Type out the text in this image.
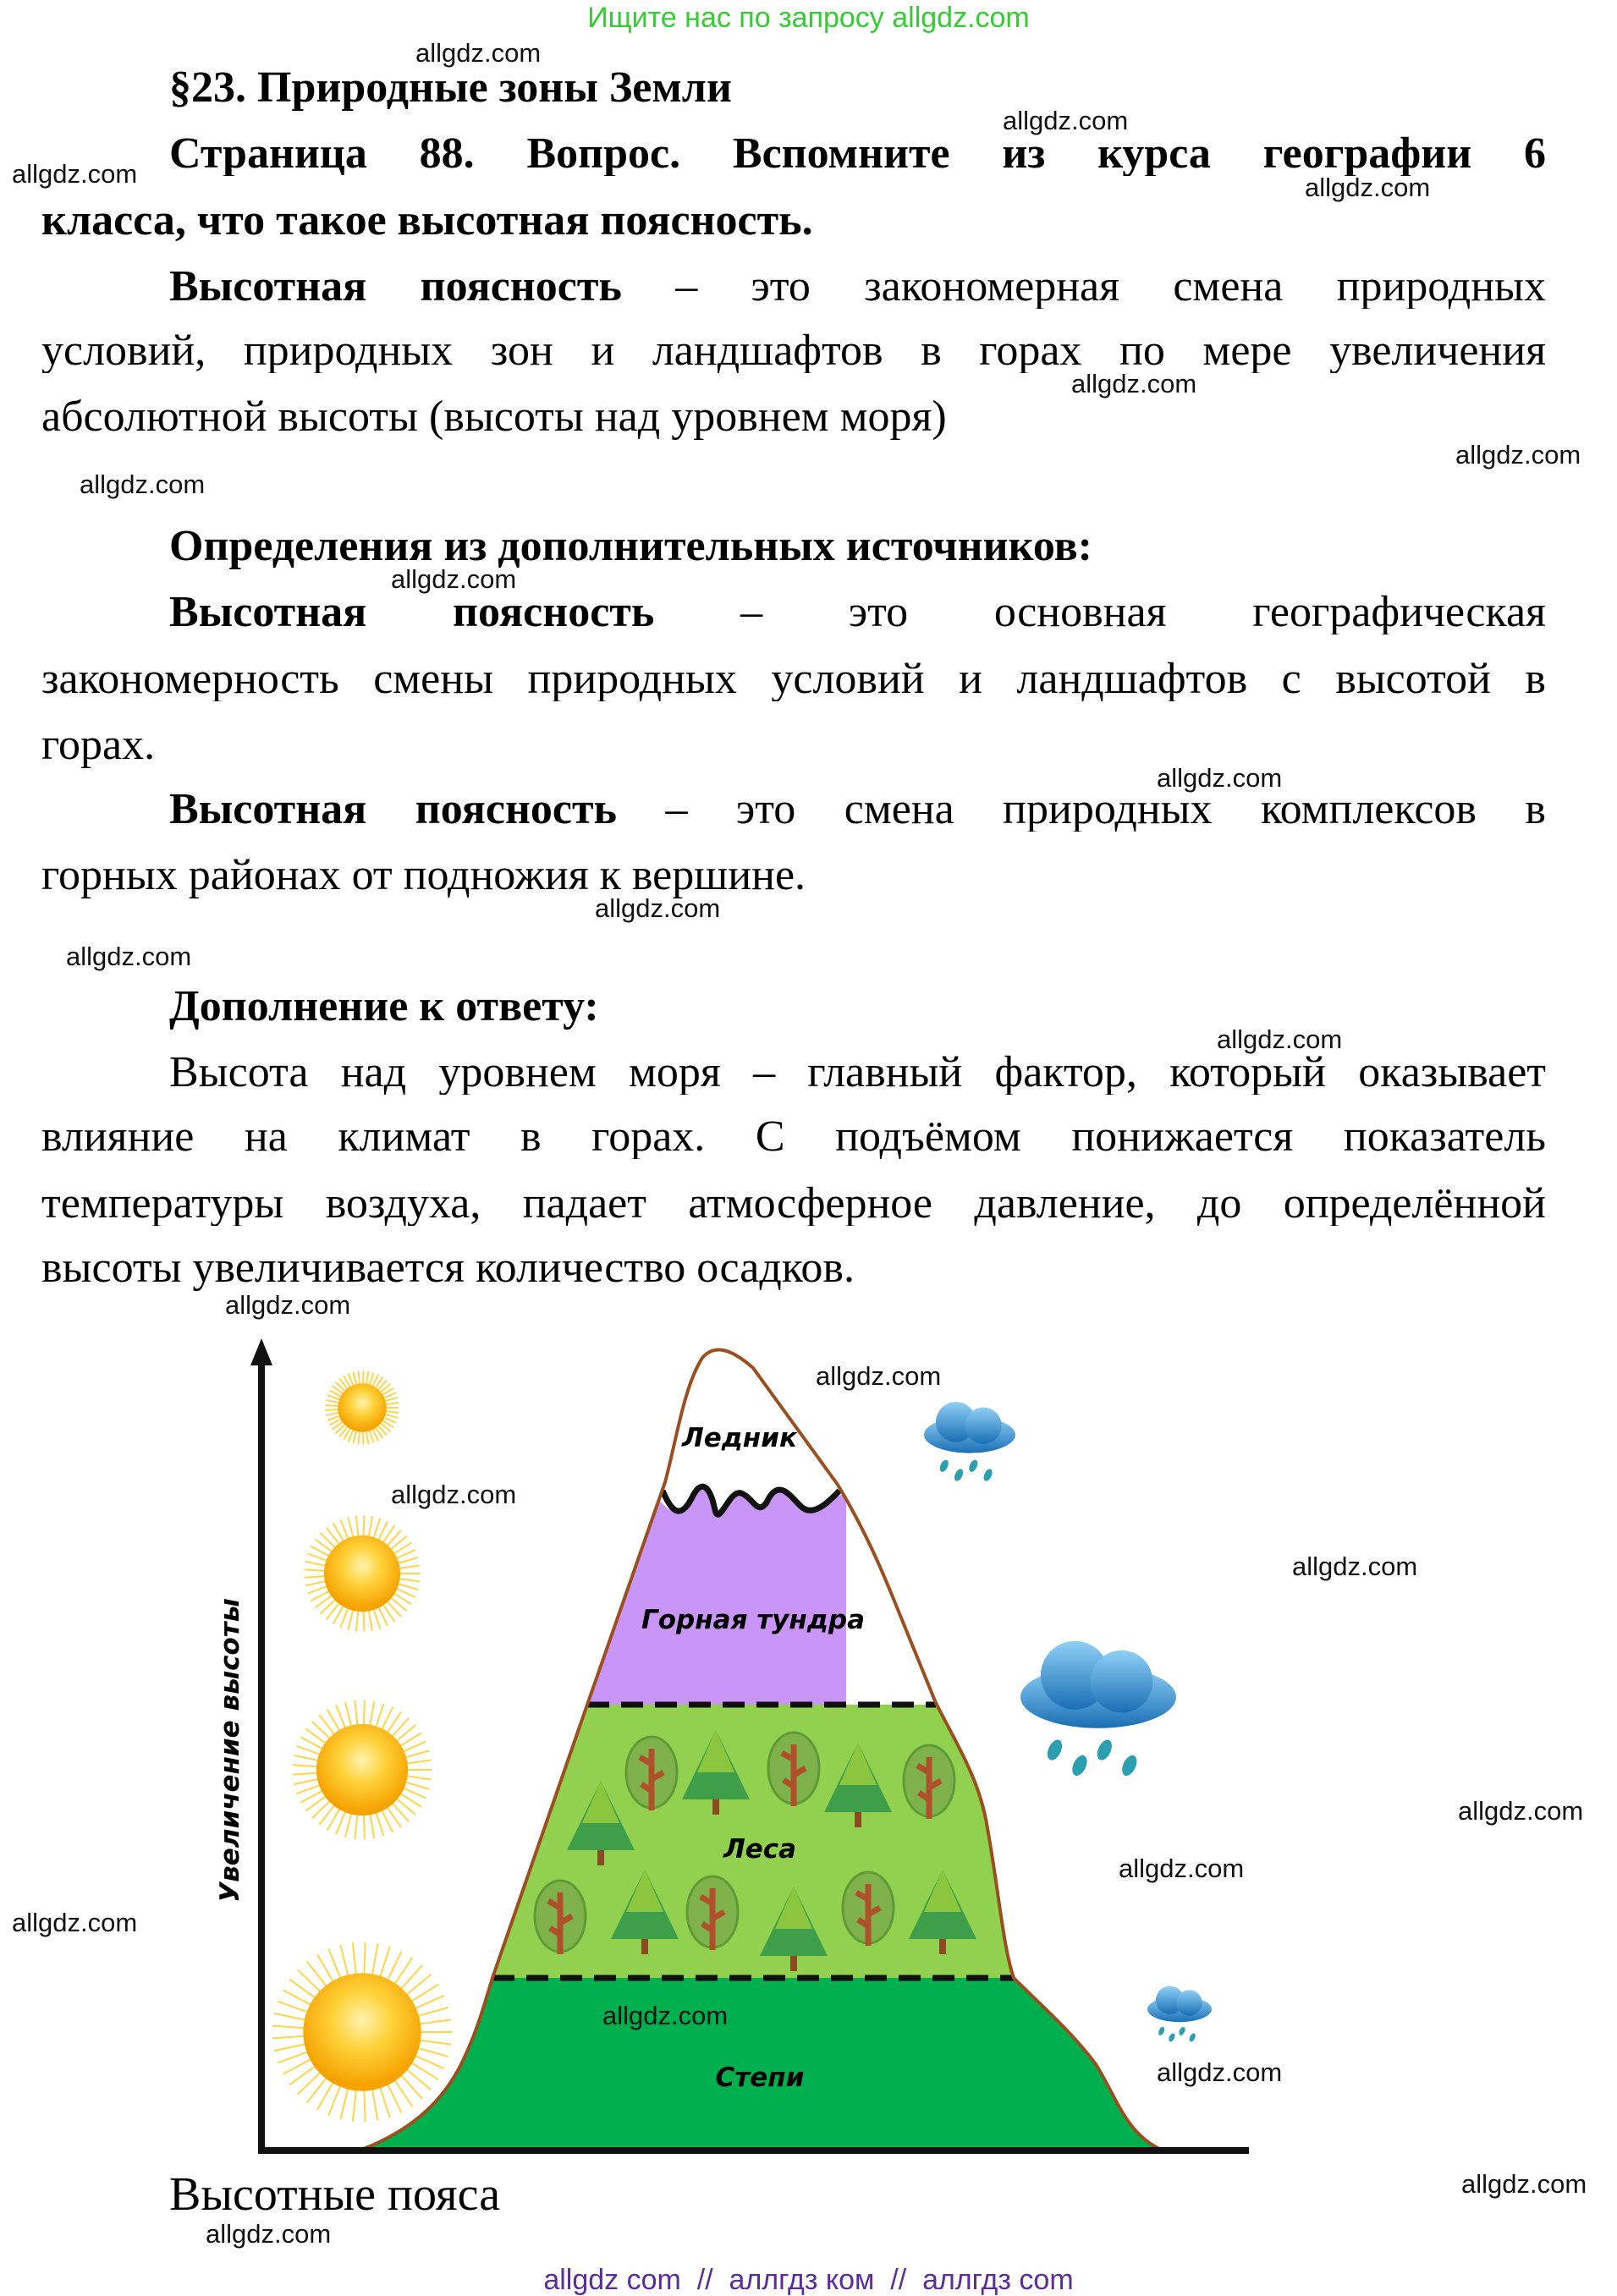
Ищите нас по запросу allgdz.com
§23. Природные зоны Земли
Страница 88. Вопрос. Вспомните из курса географии 6
класса, что такое высотная поясность.
Высотная поясность – это закономерная смена природных
условий, природных зон и ландшафтов в горах по мере увеличения
абсолютной высоты (высоты над уровнем моря)
Определения из дополнительных источников:
Высотная поясность – это основная географическая
закономерность смены природных условий и ландшафтов с высотой в
горах.
Высотная поясность – это смена природных комплексов в
горных районах от подножия к вершине.
Дополнение к ответу:
Высота над уровнем моря – главный фактор, который оказывает
влияние на климат в горах. С подъёмом понижается показатель
температуры воздуха, падает атмосферное давление, до определённой
высоты увеличивается количество осадков.
Увеличение высоты
Ледник
Горная тундра
Леса
Степи
Высотные пояса
allgdz.com
allgdz.com
allgdz.com	allgdz.com
allgdz.com
allgdz.com
allgdz.com
allgdz.com
allgdz.com
allgdz.com
allgdz.com
allgdz.com
allgdz.com
allgdz.com
allgdz.com
allgdz.com
allgdz.com
allgdz.com
allgdz.com
allgdz.com
allgdz.com
allgdz.com
allgdz.com
allgdz com  //  аллгдз ком  //  аллгдз com
